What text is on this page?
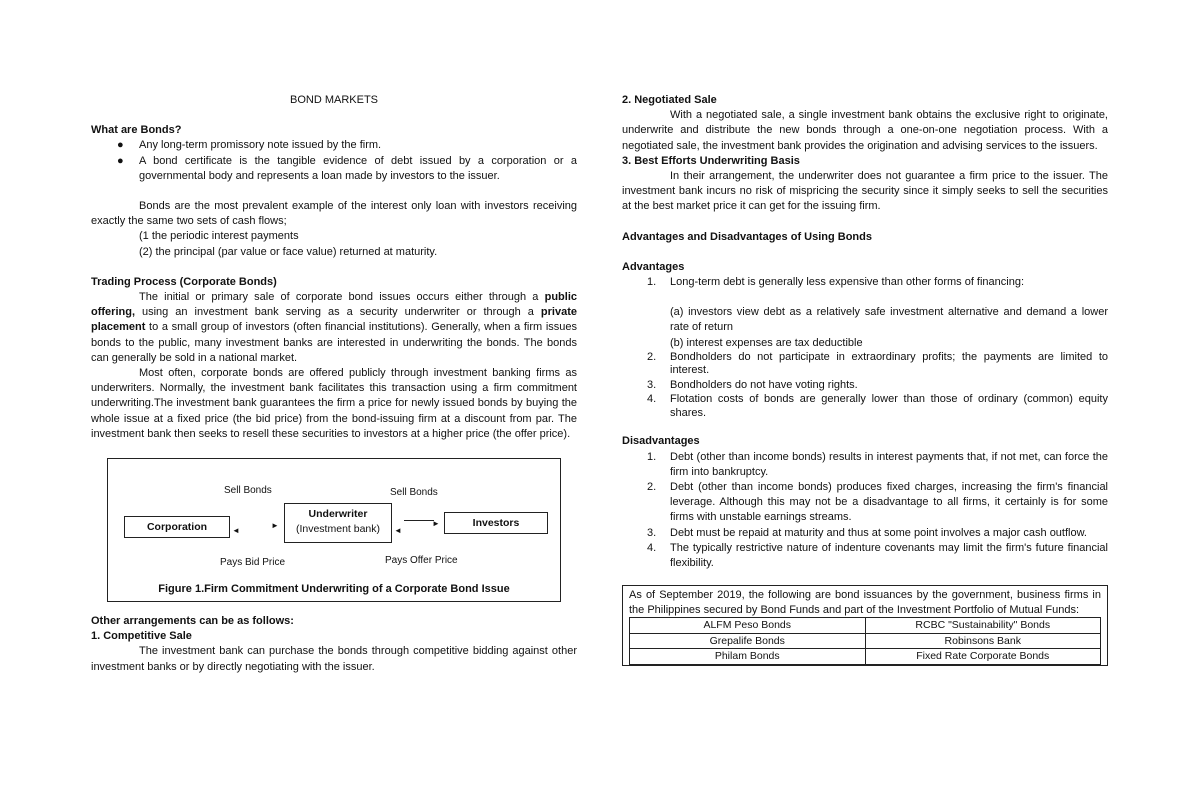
BOND MARKETS

What are Bonds?

● Any long-term promissory note issued by the firm.
● A bond certificate is the tangible evidence of debt issued by a corporation or a governmental body and represents a loan made by investors to the issuer.

Bonds are the most prevalent example of the interest only loan with investors receiving exactly the same two sets of cash flows;

(1 the periodic interest payments

(2) the principal (par value or face value) returned at maturity.

Trading Process (Corporate Bonds)

The initial or primary sale of corporate bond issues occurs either through a public offering, using an investment bank serving as a security underwriter or through a private placement to a small group of investors (often financial institutions). Generally, when a firm issues bonds to the public, many investment banks are interested in underwriting the bonds. The bonds can generally be sold in a national market.

Most often, corporate bonds are offered publicly through investment banking firms as underwriters. Normally, the investment bank facilitates this transaction using a firm commitment underwriting.The investment bank guarantees the firm a price for newly issued bonds by buying the whole issue at a fixed price (the bid price) from the bond-issuing firm at a discount from par. The investment bank then seeks to resell these securities to investors at a higher price (the offer price).

Sell Bonds	Sell Bonds
Corporation	◄
►
Underwriter
(Investment bank)	◄
►	Investors
Pays Bid Price	Pays Offer Price
Figure 1.Firm Commitment Underwriting of a Corporate Bond Issue

Other arrangements can be as follows:

1. Competitive Sale

The investment bank can purchase the bonds through competitive bidding against other investment banks or by directly negotiating with the issuer.

2. Negotiated Sale

With a negotiated sale, a single investment bank obtains the exclusive right to originate, underwrite and distribute the new bonds through a one-on-one negotiation process. With a negotiated sale, the investment bank provides the origination and advising services to the issuers.

3. Best Efforts Underwriting Basis

In their arrangement, the underwriter does not guarantee a firm price to the issuer. The investment bank incurs no risk of mispricing the security since it simply seeks to sell the securities at the best market price it can get for the issuing firm.

Advantages and Disadvantages of Using Bonds

Advantages

1. Long-term debt is generally less expensive than other forms of financing:

(a) investors view debt as a relatively safe investment alternative and demand a lower rate of return

(b) interest expenses are tax deductible

2. Bondholders do not participate in extraordinary profits; the payments are limited to interest.
3. Bondholders do not have voting rights.
4. Flotation costs of bonds are generally lower than those of ordinary (common) equity shares.

Disadvantages

1. Debt (other than income bonds) results in interest payments that, if not met, can force the firm into bankruptcy.
2. Debt (other than income bonds) produces fixed charges, increasing the firm's financial leverage. Although this may not be a disadvantage to all firms, it certainly is for some firms with unstable earnings streams.
3. Debt must be repaid at maturity and thus at some point involves a major cash outflow.
4. The typically restrictive nature of indenture covenants may limit the firm's future financial flexibility.

As of September 2019, the following are bond issuances by the government, business firms in the Philippines secured by Bond Funds and part of the Investment Portfolio of Mutual Funds:

ALFM Peso Bonds	RCBC "Sustainability" Bonds
Grepalife Bonds	Robinsons Bank
Philam Bonds	Fixed Rate Corporate Bonds
